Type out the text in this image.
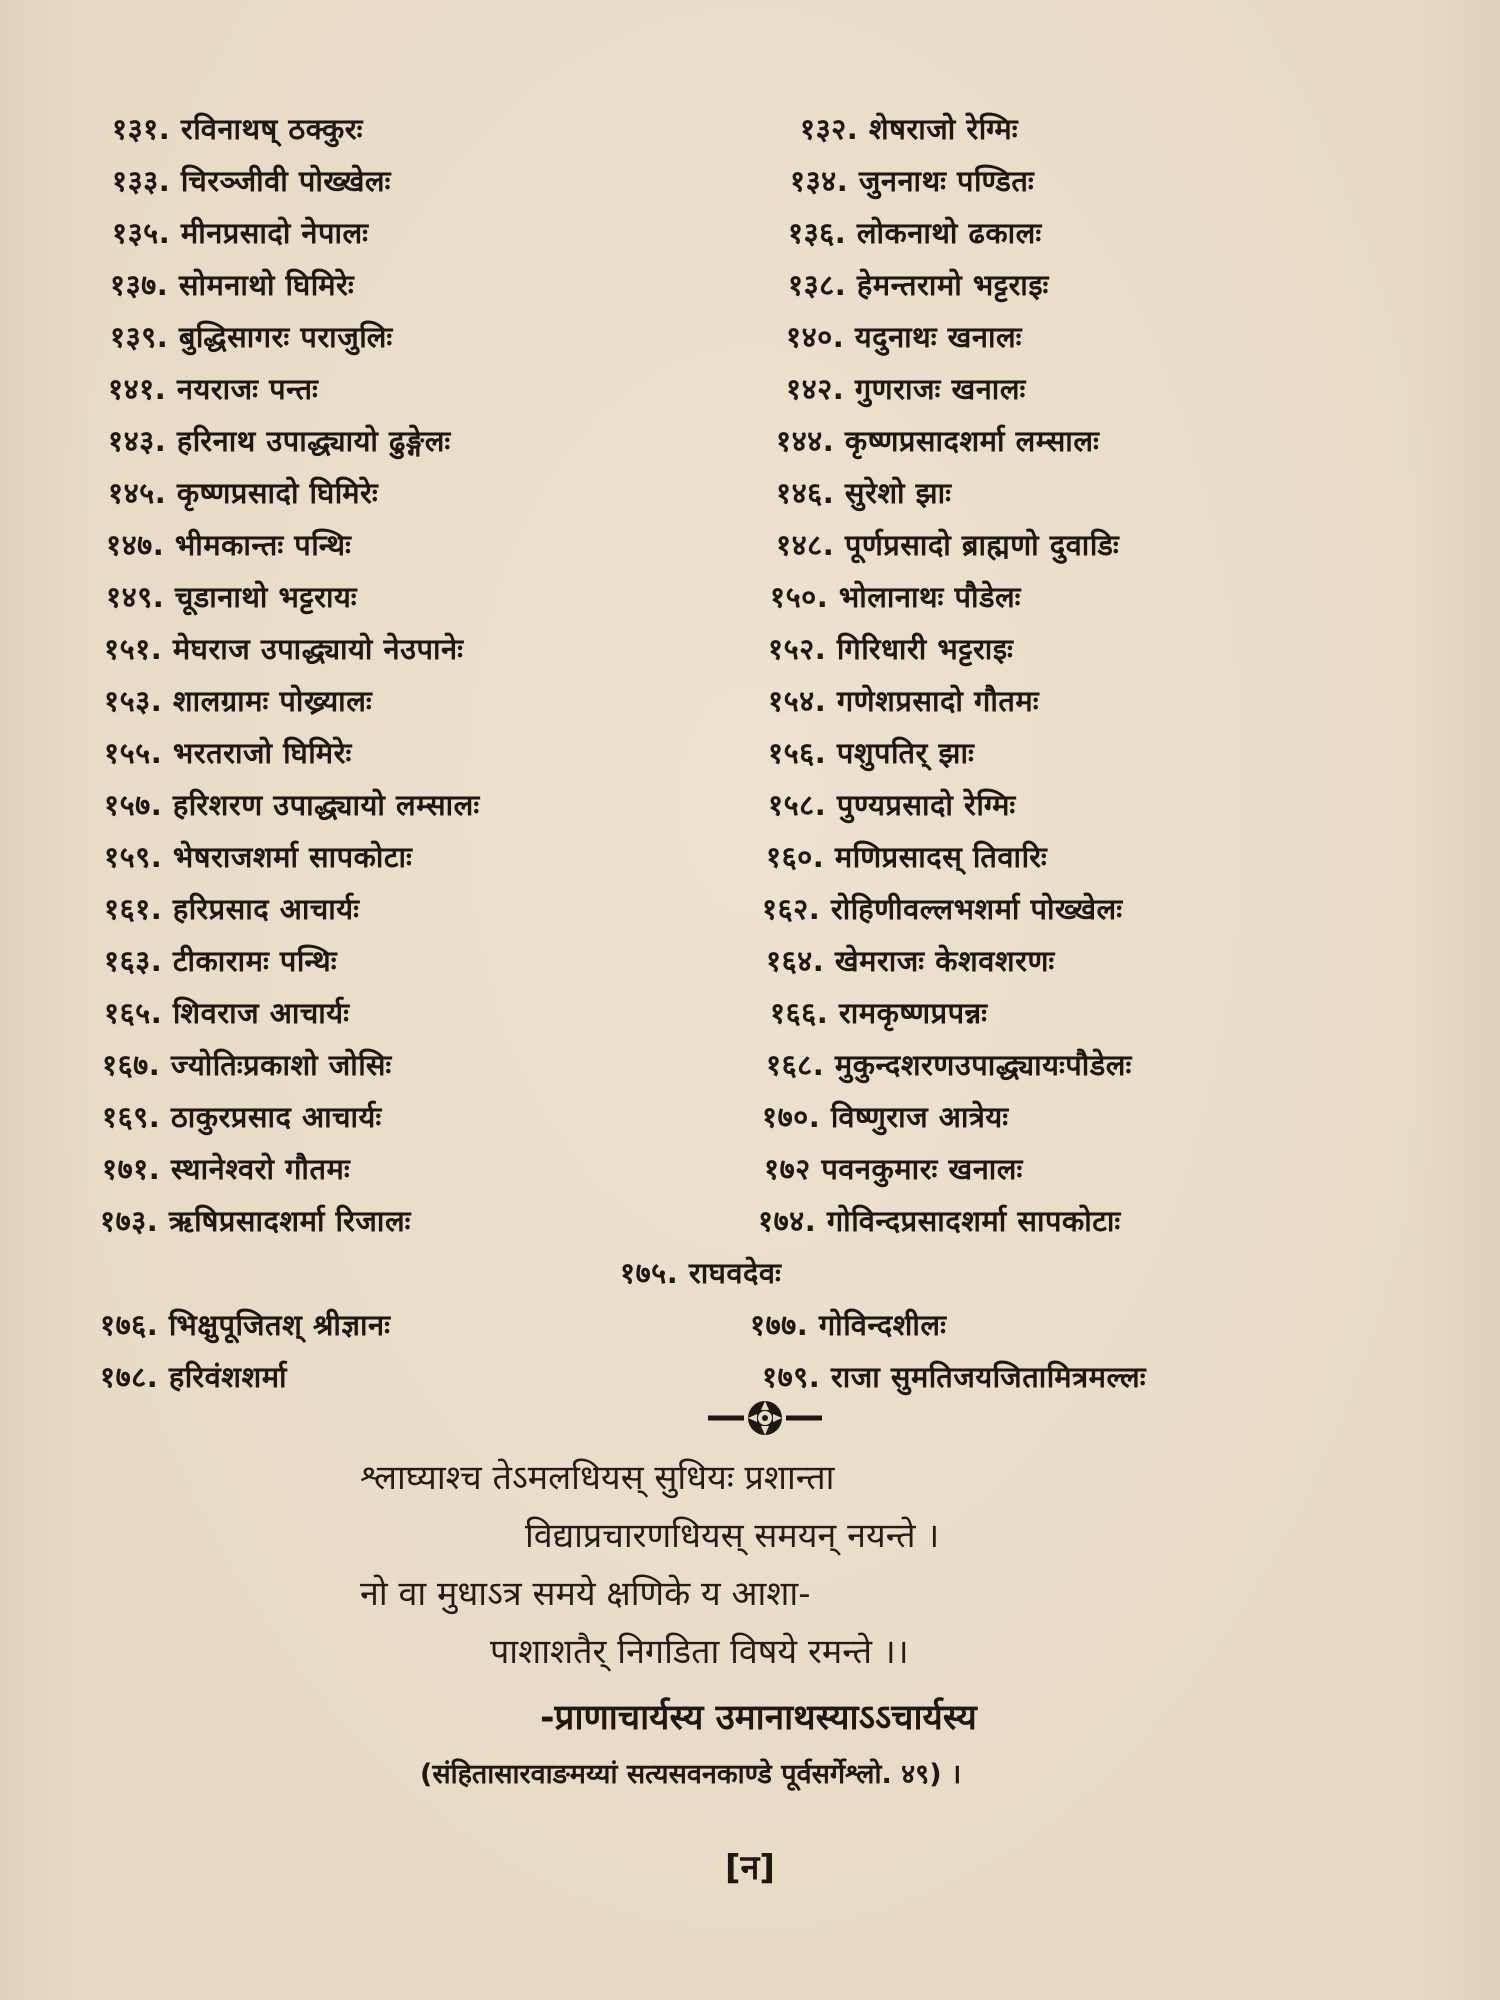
१३१. रविनाथष् ठक्कुरः	१३२. शेषराजो रेग्मिः
१३३. चिरञ्जीवी पोख्खेलः	१३४. जुननाथः पण्डितः
१३५. मीनप्रसादो नेपालः	१३६. लोकनाथो ढकालः
१३७. सोमनाथो घिमिरेः	१३८. हेमन्तरामो भट्टराइः
१३९. बुद्धिसागरः पराजुलिः	१४०. यदुनाथः खनालः
१४१. नयराजः पन्तः	१४२. गुणराजः खनालः
१४३. हरिनाथ उपाद्ध्यायो ढुङ्गेलः	१४४. कृष्णप्रसादशर्मा लम्सालः
१४५. कृष्णप्रसादो घिमिरेः	१४६. सुरेशो झाः
१४७. भीमकान्तः पन्थिः	१४८. पूर्णप्रसादो ब्राह्मणो दुवाडिः
१४९. चूडानाथो भट्टरायः	१५०. भोलानाथः पौडेलः
१५१. मेघराज उपाद्ध्यायो नेउपानेः	१५२. गिरिधारी भट्टराइः
१५३. शालग्रामः पोख्र्यालः	१५४. गणेशप्रसादो गौतमः
१५५. भरतराजो घिमिरेः	१५६. पशुपतिर् झाः
१५७. हरिशरण उपाद्ध्यायो लम्सालः	१५८. पुण्यप्रसादो रेग्मिः
१५९. भेषराजशर्मा सापकोटाः	१६०. मणिप्रसादस् तिवारिः
१६१. हरिप्रसाद आचार्यः	१६२. रोहिणीवल्लभशर्मा पोख्खेलः
१६३. टीकारामः पन्थिः	१६४. खेमराजः केशवशरणः
१६५. शिवराज आचार्यः	१६६. रामकृष्णप्रपन्नः
१६७. ज्योतिःप्रकाशो जोसिः	१६८. मुकुन्दशरणउपाद्ध्यायःपौडेलः
१६९. ठाकुरप्रसाद आचार्यः	१७०. विष्णुराज आत्रेयः
१७१. स्थानेश्वरो गौतमः	१७२ पवनकुमारः खनालः
१७३. ऋषिप्रसादशर्मा रिजालः	१७४. गोविन्दप्रसादशर्मा सापकोटाः
१७५. राघवदेवः
१७६. भिक्षुपूजितश् श्रीज्ञानः	१७७. गोविन्दशीलः
१७८. हरिवंशशर्मा	१७९. राजा सुमतिजयजितामित्रमल्लः
श्लाघ्याश्च तेऽमलधियस् सुधियः प्रशान्ता
विद्याप्रचारणधियस् समयन् नयन्ते ।
नो वा मुधाऽत्र समये क्षणिके य आशा-
पाशाशतैर् निगडिता विषये रमन्ते ।।
-प्राणाचार्यस्य उमानाथस्याऽऽचार्यस्य
(संहितासारवाङमय्यां सत्यसवनकाण्डे पूर्वसर्गेश्लो. ४९) ।
[न]
